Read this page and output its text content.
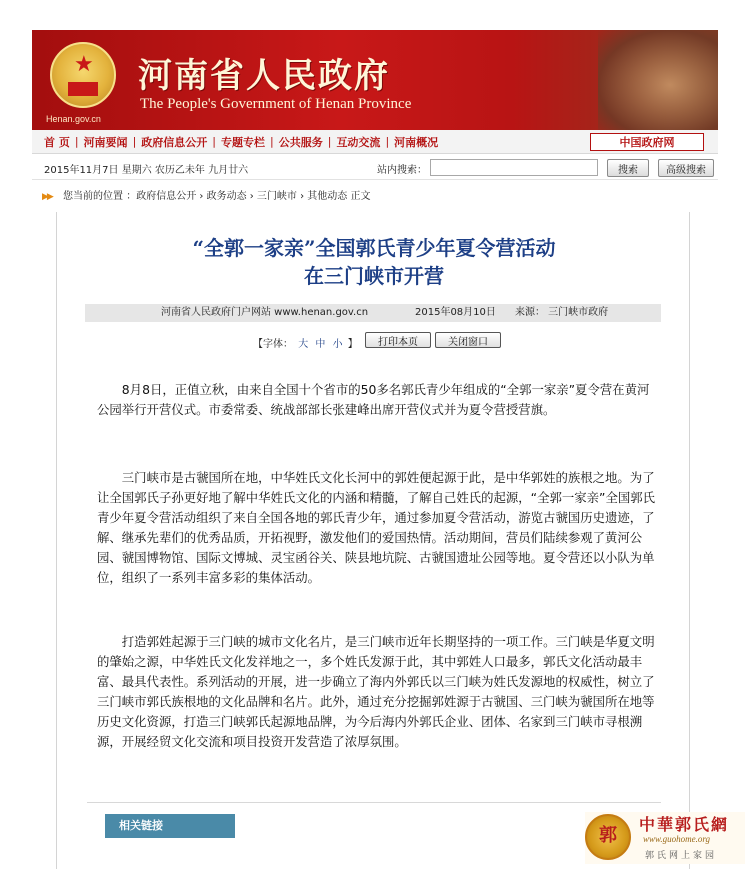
★
Henan.gov.cn
河南省人民政府
The People's Government of Henan Province
首 页 | 河南要闻 | 政府信息公开 | 专题专栏 | 公共服务 | 互动交流 | 河南概况	中国政府网
2015年11月7日 星期六 农历乙未年 九月廿六	站内搜索：	搜索	高级搜索
▶▶ 您当前的位置 ：政府信息公开 › 政务动态 › 三门峡市 › 其他动态 正文
“全郭一家亲”全国郭氏青少年夏令营活动
在三门峡市开营
河南省人民政府门户网站 www.henan.gov.cn	2015年08月10日 来源： 三门峡市政府
【字体： 大 中 小 】	打印本页	关闭窗口

8月8日，正值立秋，由来自全国十个省市的50多名郭氏青少年组成的“全郭一家亲”夏令营在黄河公园举行开营仪式。市委常委、统战部部长张建峰出席开营仪式并为夏令营授营旗。

三门峡市是古虢国所在地，中华姓氏文化长河中的郭姓便起源于此，是中华郭姓的族根之地。为了让全国郭氏子孙更好地了解中华姓氏文化的内涵和精髓，了解自己姓氏的起源，“全郭一家亲”全国郭氏青少年夏令营活动组织了来自全国各地的郭氏青少年，通过参加夏令营活动，游览古虢国历史遗迹，了解、继承先辈们的优秀品质，开拓视野，激发他们的爱国热情。活动期间，营员们陆续参观了黄河公园、虢国博物馆、国际文博城、灵宝函谷关、陕县地坑院、古虢国遗址公园等地。夏令营还以小队为单位，组织了一系列丰富多彩的集体活动。

打造郭姓起源于三门峡的城市文化名片，是三门峡市近年长期坚持的一项工作。三门峡是华夏文明的肇始之源，中华姓氏文化发祥地之一，多个姓氏发源于此，其中郭姓人口最多，郭氏文化活动最丰富、最具代表性。系列活动的开展，进一步确立了海内外郭氏以三门峡为姓氏发源地的权威性，树立了三门峡市郭氏族根地的文化品牌和名片。此外，通过充分挖掘郭姓源于古虢国、三门峡为虢国所在地等历史文化资源，打造三门峡郭氏起源地品牌，为今后海内外郭氏企业、团体、名家到三门峡市寻根溯源，开展经贸文化交流和项目投资开发营造了浓厚氛围。

相关链接	郭
中華郭氏網
www.guohome.org
郭氏网上家园
